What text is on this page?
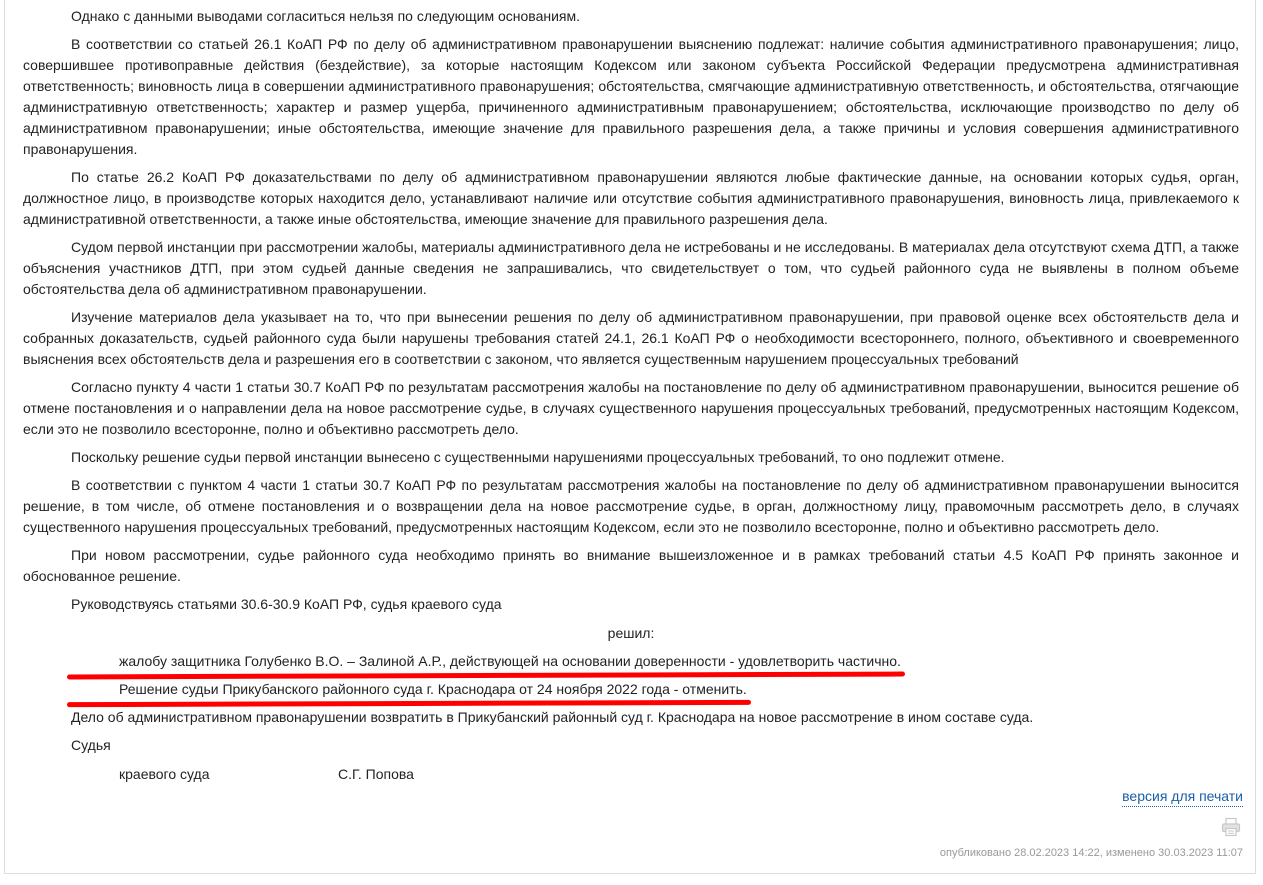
Однако с данными выводами согласиться нельзя по следующим основаниям.

В соответствии со статьей 26.1 КоАП РФ по делу об административном правонарушении выяснению подлежат: наличие события административного правонарушения; лицо, совершившее противоправные действия (бездействие), за которые настоящим Кодексом или законом субъекта Российской Федерации предусмотрена административная ответственность; виновность лица в совершении административного правонарушения; обстоятельства, смягчающие административную ответственность, и обстоятельства, отягчающие административную ответственность; характер и размер ущерба, причиненного административным правонарушением; обстоятельства, исключающие производство по делу об административном правонарушении; иные обстоятельства, имеющие значение для правильного разрешения дела, а также причины и условия совершения административного правонарушения.

По статье 26.2 КоАП РФ доказательствами по делу об административном правонарушении являются любые фактические данные, на основании которых судья, орган, должностное лицо, в производстве которых находится дело, устанавливают наличие или отсутствие события административного правонарушения, виновность лица, привлекаемого к административной ответственности, а также иные обстоятельства, имеющие значение для правильного разрешения дела.

Судом первой инстанции при рассмотрении жалобы, материалы административного дела не истребованы и не исследованы. В материалах дела отсутствуют схема ДТП, а также объяснения участников ДТП, при этом судьей данные сведения не запрашивались, что свидетельствует о том, что судьей районного суда не выявлены в полном объеме обстоятельства дела об административном правонарушении.

Изучение материалов дела указывает на то, что при вынесении решения по делу об административном правонарушении, при правовой оценке всех обстоятельств дела и собранных доказательств, судьей районного суда были нарушены требования статей 24.1, 26.1 КоАП РФ о необходимости всестороннего, полного, объективного и своевременного выяснения всех обстоятельств дела и разрешения его в соответствии с законом, что является существенным нарушением процессуальных требований

Согласно пункту 4 части 1 статьи 30.7 КоАП РФ по результатам рассмотрения жалобы на постановление по делу об административном правонарушении, выносится решение об отмене постановления и о направлении дела на новое рассмотрение судье, в случаях существенного нарушения процессуальных требований, предусмотренных настоящим Кодексом, если это не позволило всесторонне, полно и объективно рассмотреть дело.

Поскольку решение судьи первой инстанции вынесено с существенными нарушениями процессуальных требований, то оно подлежит отмене.

В соответствии с пунктом 4 части 1 статьи 30.7 КоАП РФ по результатам рассмотрения жалобы на постановление по делу об административном правонарушении выносится решение, в том числе, об отмене постановления и о возвращении дела на новое рассмотрение судье, в орган, должностному лицу, правомочным рассмотреть дело, в случаях существенного нарушения процессуальных требований, предусмотренных настоящим Кодексом, если это не позволило всесторонне, полно и объективно рассмотреть дело.

При новом рассмотрении, судье районного суда необходимо принять во внимание вышеизложенное и в рамках требований статьи 4.5 КоАП РФ принять законное и обоснованное решение.

Руководствуясь статьями 30.6-30.9 КоАП РФ, судья краевого суда

решил:

жалобу защитника Голубенко В.О. – Залиной А.Р., действующей на основании доверенности - удовлетворить частично.

Решение судьи Прикубанского районного суда г. Краснодара от 24 ноября 2022 года - отменить.

Дело об административном правонарушении возвратить в Прикубанский районный суд г. Краснодара на новое рассмотрение в ином составе суда.

Судья

краевого суда	С.Г. Попова

версия для печати
опубликовано 28.02.2023 14:22, изменено 30.03.2023 11:07
